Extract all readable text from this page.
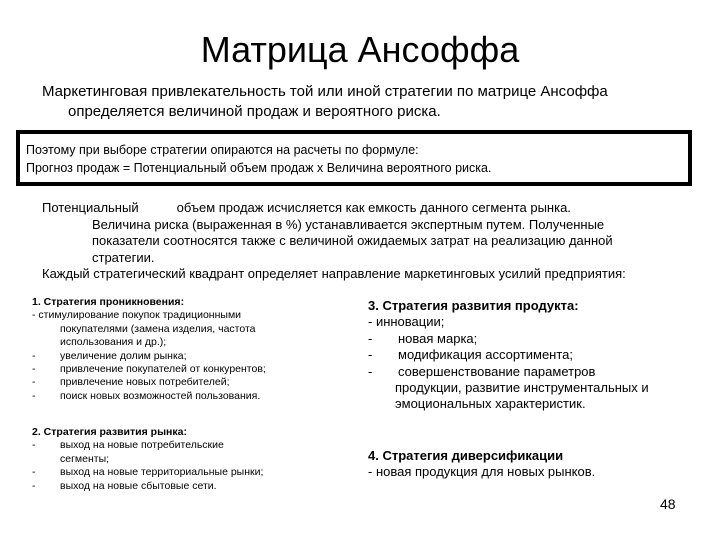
Матрица Ансоффа
Маркетинговая привлекательность той или иной стратегии по матрице Ансоффа
определяется величиной продаж и вероятного риска.
Поэтому при выборе стратегии опираются на расчеты по формуле:
Прогноз продаж = Потенциальный объем продаж x Величина вероятного риска.
Потенциальный	объем продаж исчисляется как емкость данного сегмента рынка.
Величина риска (выраженная в %) устанавливается экспертным путем. Полученные
показатели соотносятся также с величиной ожидаемых затрат на реализацию данной
стратегии.
Каждый стратегический квадрант определяет направление маркетинговых усилий предприятия:
1. Стратегия проникновения:
- стимулирование покупок традиционными
покупателями (замена изделия, частота
использования и др.);
-	увеличение долим рынка;
-	привлечение покупателей от конкурентов;
-	привлечение новых потребителей;
-	поиск новых возможностей пользования.
2. Стратегия развития рынка:
-	выход на новые потребительские
сегменты;
-	выход на новые территориальные рынки;
-	выход на новые сбытовые сети.
3. Стратегия развития продукта:
- инновации;
-	новая марка;
-	модификация ассортимента;
-	совершенствование параметров
продукции, развитие инструментальных и
эмоциональных характеристик.
4. Стратегия диверсификации
- новая продукция для новых рынков.
48
